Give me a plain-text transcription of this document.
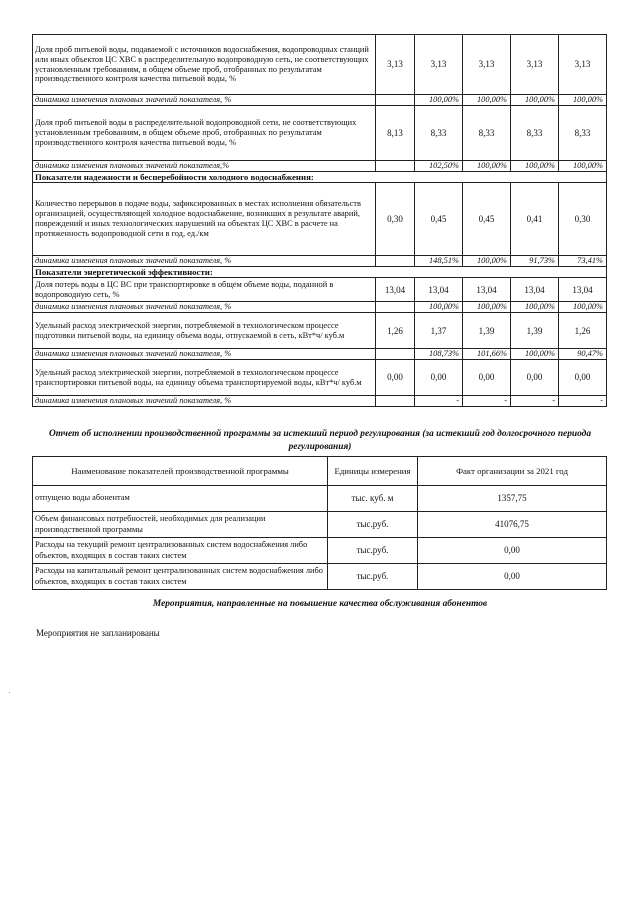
Доля проб питьевой воды, подаваемой с источников водоснабжения, водопроводных станций или иных объектов ЦС ХВС в распределительную водопроводную сеть, не соответствующих установленным требованиям, в общем объеме проб, отобранных по результатам производственного контроля качества питьевой воды, %	3,13	3,13	3,13	3,13	3,13
динамика изменения плановых значений показателя, %		100,00%	100,00%	100,00%	100,00%
Доля проб питьевой воды в распределительной водопроводной сети, не соответствующих установленным требованиям, в общем объеме проб, отобранных по результатам производственного контроля качества питьевой воды, %	8,13	8,33	8,33	8,33	8,33
динамика изменения плановых значений показателя,%		102,50%	100,00%	100,00%	100,00%
Показатели надежности и бесперебойности холодного водоснабжения:					
Количество перерывов в подаче воды, зафиксированных в местах исполнения обязательств организацией, осуществляющей холодное водоснабжение, возникших в результате аварий, повреждений и иных технологических нарушений на объектах ЦС ХВС в расчете на протяженность водопроводной сети в год, ед./км	0,30	0,45	0,45	0,41	0,30
динамика изменения плановых значений показателя, %		148,51%	100,00%	91,73%	73,41%
Показатели энергетической эффективности:					
Доля потерь воды в ЦС ВС при транспортировке в общем объеме воды, поданной в водопроводную сеть, %	13,04	13,04	13,04	13,04	13,04
динамика изменения плановых значений показателя, %		100,00%	100,00%	100,00%	100,00%
Удельный расход электрической энергии, потребляемой в технологическом процессе подготовки питьевой воды, на единицу объема воды, отпускаемой в сеть, кВт*ч/ куб.м	1,26	1,37	1,39	1,39	1,26
динамика изменения плановых значений показателя, %		108,73%	101,66%	100,00%	90,47%
Удельный расход электрической энергии, потребляемой в технологическом процессе транспортировки питьевой воды, на единицу объема транспортируемой воды, кВт*ч/ куб.м	0,00	0,00	0,00	0,00	0,00
динамика изменения плановых значений показателя, %		-	-	-	-
Отчет об исполнении производственной программы за истекший период регулирования (за истекший год долгосрочного периода регулирования)
Наименование показателей производственной программы	Единицы измерения	Факт организации за 2021 год
отпущено воды абонентам	тыс. куб. м	1357,75
Объем финансовых потребностей, необходимых для реализации производственной программы	тыс.руб.	41076,75
Расходы на текущий ремонт централизованных систем водоснабжения либо объектов, входящих в состав таких систем	тыс.руб.	0,00
Расходы на капитальный ремонт централизованных систем водоснабжения либо объектов, входящих в состав таких систем	тыс.руб.	0,00
Мероприятия, направленные на повышение качества обслуживания абонентов
Мероприятия не запланированы
